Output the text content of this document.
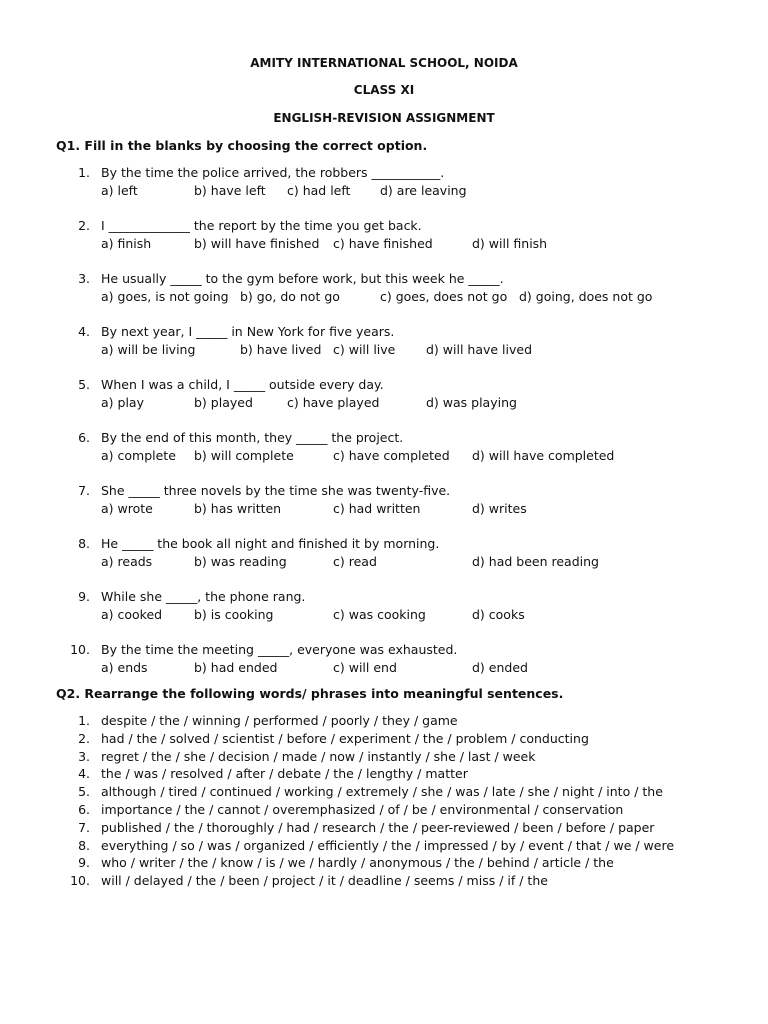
AMITY INTERNATIONAL SCHOOL, NOIDA
CLASS XI
ENGLISH-REVISION ASSIGNMENT
Q1. Fill in the blanks by choosing the correct option.
1. By the time the police arrived, the robbers ___________.
a) left	b) have left c) had left d) are leaving
2. I _____________ the report by the time you get back.
a) finish	b) will have finished c) have finished	d) will finish
3. He usually _____ to the gym before work, but this week he _____.
a) goes, is not going b) go, do not go	c) goes, does not go d) going, does not go
4. By next year, I _____ in New York for five years.
a) will be living	b) have lived c) will live d) will have lived
5. When I was a child, I _____ outside every day.
a) play	b) played	c) have played	d) was playing
6. By the end of this month, they _____ the project.
a) complete b) will complete	c) have completed d) will have completed
7. She _____ three novels by the time she was twenty-five.
a) wrote	b) has written	c) had written	d) writes
8. He _____ the book all night and finished it by morning.
a) reads	b) was reading	c) read	d) had been reading
9. While she _____, the phone rang.
a) cooked	b) is cooking	c) was cooking	d) cooks
10. By the time the meeting _____, everyone was exhausted.
a) ends	b) had ended	c) will end	d) ended
Q2. Rearrange the following words/ phrases into meaningful sentences.
1. despite / the / winning / performed / poorly / they / game
2. had / the / solved / scientist / before / experiment / the / problem / conducting
3. regret / the / she / decision / made / now / instantly / she / last / week
4. the / was / resolved / after / debate / the / lengthy / matter
5. although / tired / continued / working / extremely / she / was / late / she / night / into / the
6. importance / the / cannot / overemphasized / of / be / environmental / conservation
7. published / the / thoroughly / had / research / the / peer-reviewed / been / before / paper
8. everything / so / was / organized / efficiently / the / impressed / by / event / that / we / were
9. who / writer / the / know / is / we / hardly / anonymous / the / behind / article / the
10. will / delayed / the / been / project / it / deadline / seems / miss / if / the
